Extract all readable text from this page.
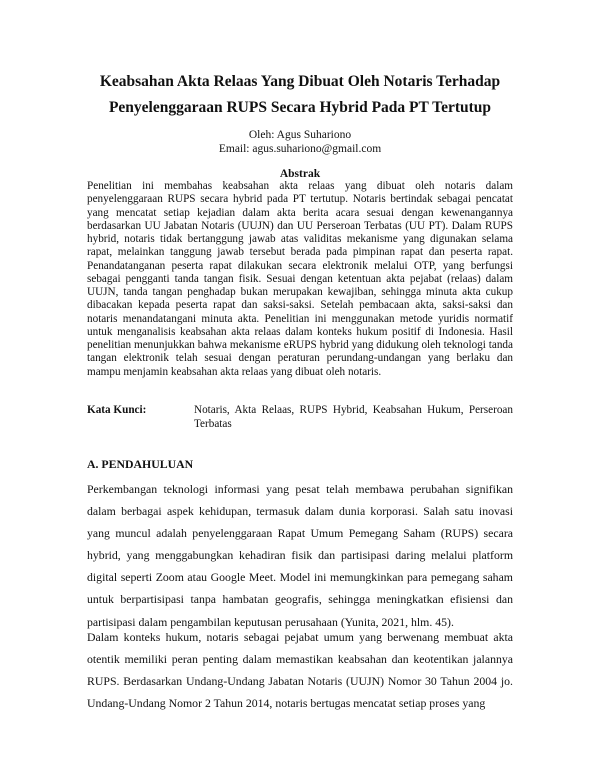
Keabsahan Akta Relaas Yang Dibuat Oleh Notaris Terhadap
Penyelenggaraan RUPS Secara Hybrid Pada PT Tertutup
Oleh: Agus Suhariono
Email: agus.suhariono@gmail.com
Abstrak

Penelitian ini membahas keabsahan akta relaas yang dibuat oleh notaris dalam penyelenggaraan RUPS secara hybrid pada PT tertutup. Notaris bertindak sebagai pencatat yang mencatat setiap kejadian dalam akta berita acara sesuai dengan kewenangannya berdasarkan UU Jabatan Notaris (UUJN) dan UU Perseroan Terbatas (UU PT). Dalam RUPS hybrid, notaris tidak bertanggung jawab atas validitas mekanisme yang digunakan selama rapat, melainkan tanggung jawab tersebut berada pada pimpinan rapat dan peserta rapat. Penandatanganan peserta rapat dilakukan secara elektronik melalui OTP, yang berfungsi sebagai pengganti tanda tangan fisik. Sesuai dengan ketentuan akta pejabat (relaas) dalam UUJN, tanda tangan penghadap bukan merupakan kewajiban, sehingga minuta akta cukup dibacakan kepada peserta rapat dan saksi-saksi. Setelah pembacaan akta, saksi-saksi dan notaris menandatangani minuta akta. Penelitian ini menggunakan metode yuridis normatif untuk menganalisis keabsahan akta relaas dalam konteks hukum positif di Indonesia. Hasil penelitian menunjukkan bahwa mekanisme eRUPS hybrid yang didukung oleh teknologi tanda tangan elektronik telah sesuai dengan peraturan perundang-undangan yang berlaku dan mampu menjamin keabsahan akta relaas yang dibuat oleh notaris.

Kata Kunci:	Notaris, Akta Relaas, RUPS Hybrid, Keabsahan Hukum, Perseroan Terbatas
A. PENDAHULUAN

Perkembangan teknologi informasi yang pesat telah membawa perubahan signifikan dalam berbagai aspek kehidupan, termasuk dalam dunia korporasi. Salah satu inovasi yang muncul adalah penyelenggaraan Rapat Umum Pemegang Saham (RUPS) secara hybrid, yang menggabungkan kehadiran fisik dan partisipasi daring melalui platform digital seperti Zoom atau Google Meet. Model ini memungkinkan para pemegang saham untuk berpartisipasi tanpa hambatan geografis, sehingga meningkatkan efisiensi dan partisipasi dalam pengambilan keputusan perusahaan (Yunita, 2021, hlm. 45).

Dalam konteks hukum, notaris sebagai pejabat umum yang berwenang membuat akta otentik memiliki peran penting dalam memastikan keabsahan dan keotentikan jalannya RUPS. Berdasarkan Undang-Undang Jabatan Notaris (UUJN) Nomor 30 Tahun 2004 jo. Undang-Undang Nomor 2 Tahun 2014, notaris bertugas mencatat setiap proses yang
